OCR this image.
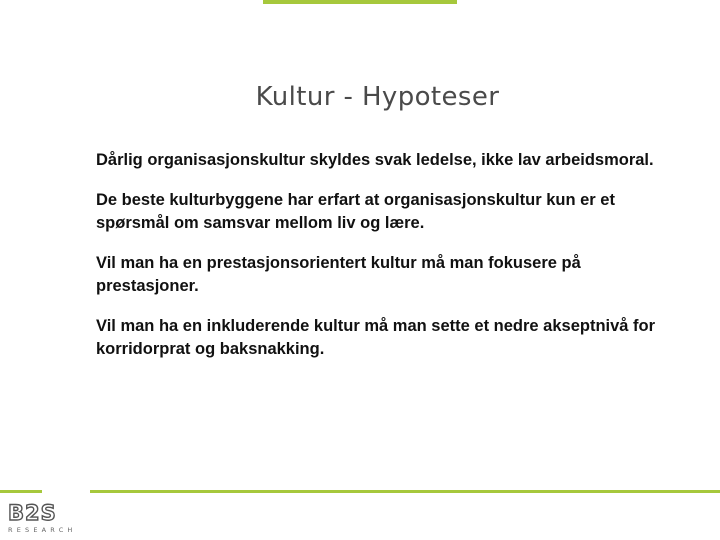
Kultur - Hypoteser

Dårlig organisasjonskultur skyldes svak ledelse, ikke lav arbeidsmoral.

De beste kulturbyggene har erfart at organisasjonskultur kun er et spørsmål om samsvar mellom liv og lære.

Vil man ha en prestasjonsorientert kultur må man fokusere på prestasjoner.

Vil man ha en inkluderende kultur må man sette et nedre akseptnivå for korridorprat og baksnakking.

B2S
RESEARCH
